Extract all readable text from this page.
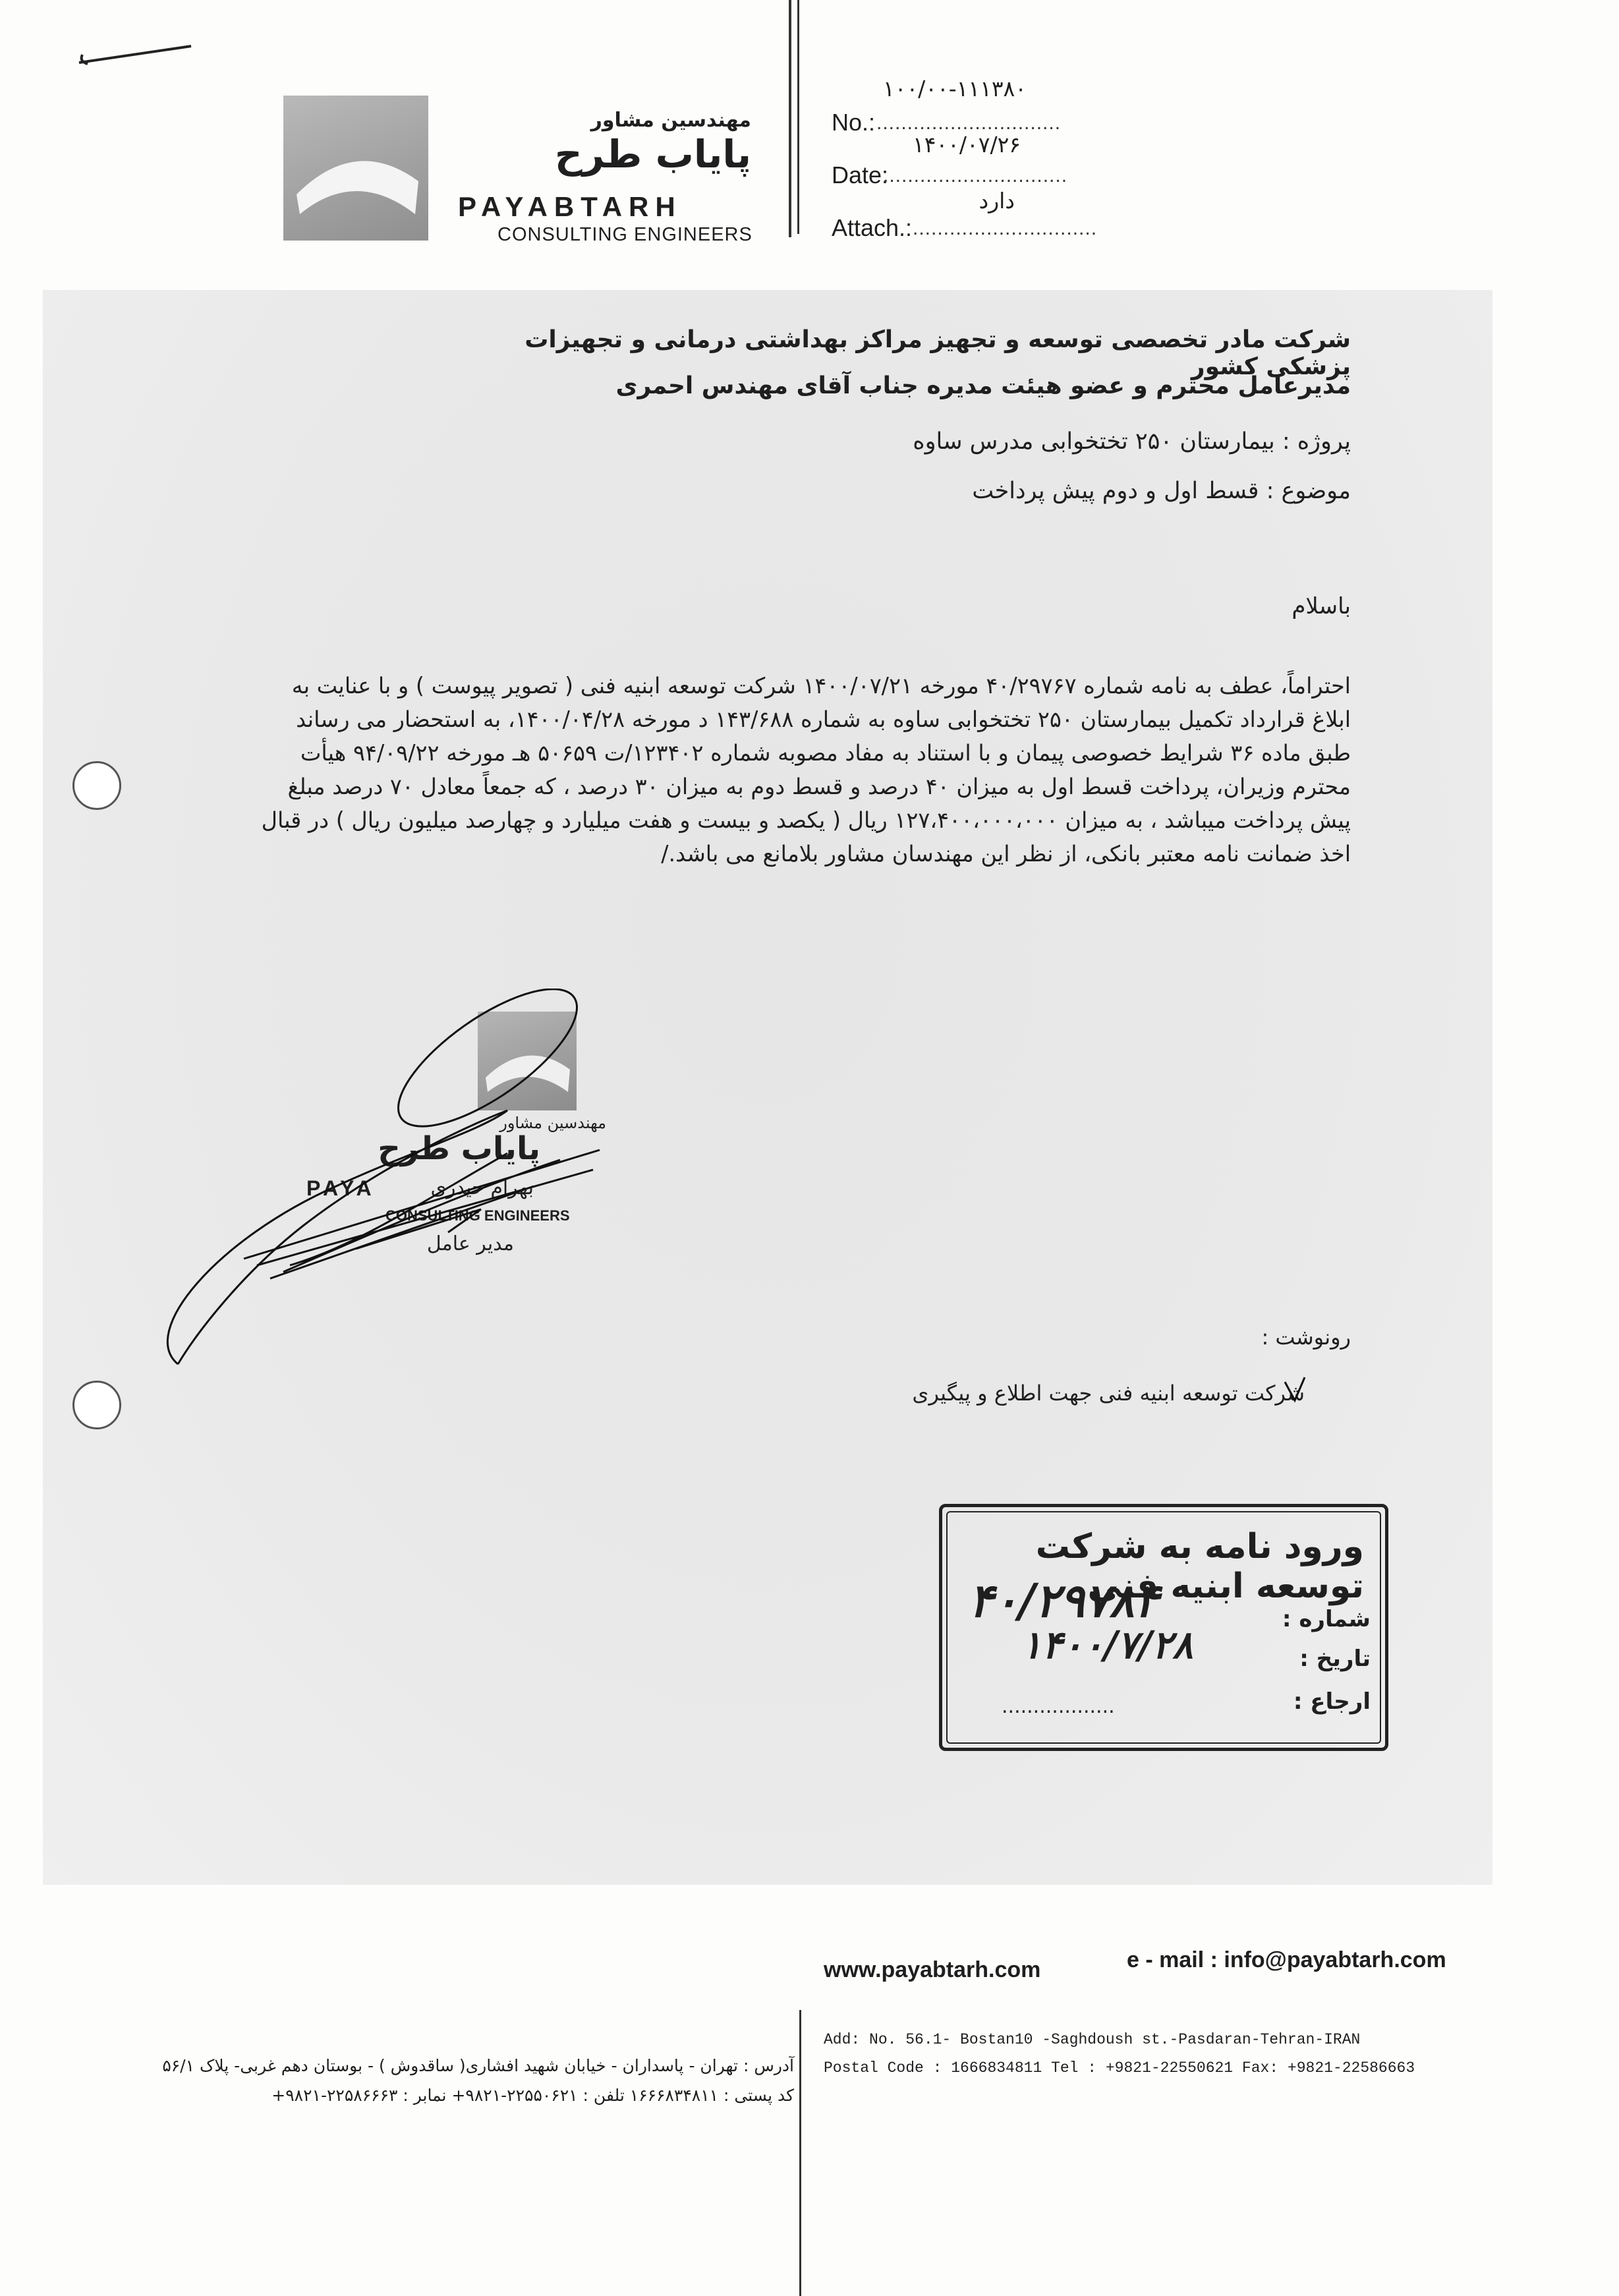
مهندسین مشاور
پایاب طرح
PAYABTARH
CONSULTING ENGINEERS
۱۰۰/۰۰-۱۱۱۳۸۰
No.: ..............................
۱۴۰۰/۰۷/۲۶
Date:
..............................
دارد
Attach.: ..............................
شرکت مادر تخصصی توسعه و تجهیز مراکز بهداشتی درمانی و تجهیزات پزشکی کشور
مدیرعامل محترم و عضو هیئت مدیره جناب آقای مهندس احمری
پروژه : بیمارستان ۲۵۰ تختخوابی مدرس ساوه
موضوع : قسط اول و دوم پیش پرداخت
باسلام
احتراماً، عطف به نامه شماره ۴۰/۲۹۷۶۷ مورخه ۱۴۰۰/۰۷/۲۱ شرکت توسعه ابنیه فنی ( تصویر پیوست ) و با عنایت به
ابلاغ قرارداد تکمیل بیمارستان ۲۵۰ تختخوابی ساوه به شماره ۱۴۳/۶۸۸ د مورخه ۱۴۰۰/۰۴/۲۸، به استحضار می رساند
طبق ماده ۳۶ شرایط خصوصی پیمان و با استناد به مفاد مصوبه شماره ۱۲۳۴۰۲/ت ۵۰۶۵۹ هـ مورخه ۹۴/۰۹/۲۲ هیأت
محترم وزیران، پرداخت قسط اول به میزان ۴۰ درصد و قسط دوم به میزان ۳۰ درصد ، که جمعاً معادل ۷۰ درصد مبلغ
پیش پرداخت میباشد ، به میزان ۱۲۷،۴۰۰،۰۰۰،۰۰۰ ریال ( یکصد و بیست و هفت میلیارد و چهارصد میلیون ریال ) در قبال
اخذ ضمانت نامه معتبر بانکی، از نظر این مهندسان مشاور بلامانع می باشد./
مهندسین مشاور
پایاب طرح
PAYA
CONSULTING ENGINEERS
بهرام حیدری
مدیر عامل
رونوشت :
شرکت توسعه ابنیه فنی جهت اطلاع و پیگیری
ورود نامه به شرکت توسعه ابنیه فنی
شماره :
۴۰/۲۹۷۸۴
تاریخ :
۱۴۰۰/۷/۲۸
ارجاع :
..................
www.payabtarh.com	e - mail : info@payabtarh.com
آدرس : تهران - پاسداران - خیابان شهید افشاری( ساقدوش ) - بوستان دهم غربی- پلاک ۵۶/۱
کد پستی : ۱۶۶۶۸۳۴۸۱۱ تلفن : ۲۲۵۵۰۶۲۱-۹۸۲۱+ نمابر : ۲۲۵۸۶۶۶۳-۹۸۲۱+
Add: No. 56.1- Bostan10 -Saghdoush st.-Pasdaran-Tehran-IRAN
Postal Code : 1666834811 Tel : +9821-22550621 Fax: +9821-22586663
